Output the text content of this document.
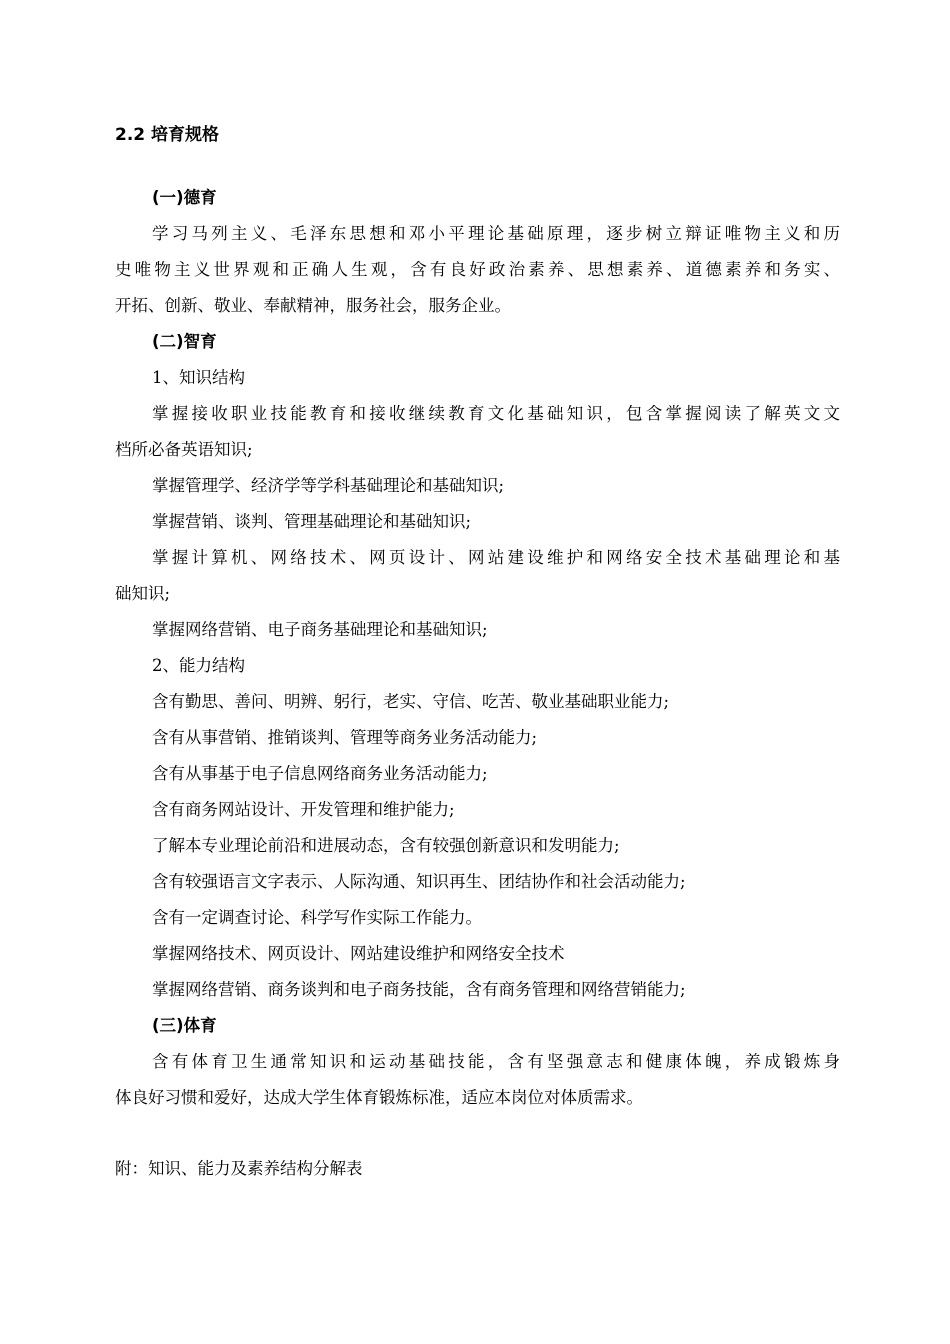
2.2 培育规格
(一)德育
学习马列主义、毛泽东思想和邓小平理论基础原理，逐步树立辩证唯物主义和历
史唯物主义世界观和正确人生观，含有良好政治素养、思想素养、道德素养和务实、
开拓、创新、敬业、奉献精神，服务社会，服务企业。
(二)智育
1、知识结构
掌握接收职业技能教育和接收继续教育文化基础知识，包含掌握阅读了解英文文
档所必备英语知识;
掌握管理学、经济学等学科基础理论和基础知识;
掌握营销、谈判、管理基础理论和基础知识;
掌握计算机、网络技术、网页设计、网站建设维护和网络安全技术基础理论和基
础知识;
掌握网络营销、电子商务基础理论和基础知识;
2、能力结构
含有勤思、善问、明辨、躬行，老实、守信、吃苦、敬业基础职业能力;
含有从事营销、推销谈判、管理等商务业务活动能力;
含有从事基于电子信息网络商务业务活动能力;
含有商务网站设计、开发管理和维护能力;
了解本专业理论前沿和进展动态，含有较强创新意识和发明能力;
含有较强语言文字表示、人际沟通、知识再生、团结协作和社会活动能力;
含有一定调查讨论、科学写作实际工作能力。
掌握网络技术、网页设计、网站建设维护和网络安全技术
掌握网络营销、商务谈判和电子商务技能，含有商务管理和网络营销能力;
(三)体育
含有体育卫生通常知识和运动基础技能，含有坚强意志和健康体魄，养成锻炼身
体良好习惯和爱好，达成大学生体育锻炼标准，适应本岗位对体质需求。
附：知识、能力及素养结构分解表
